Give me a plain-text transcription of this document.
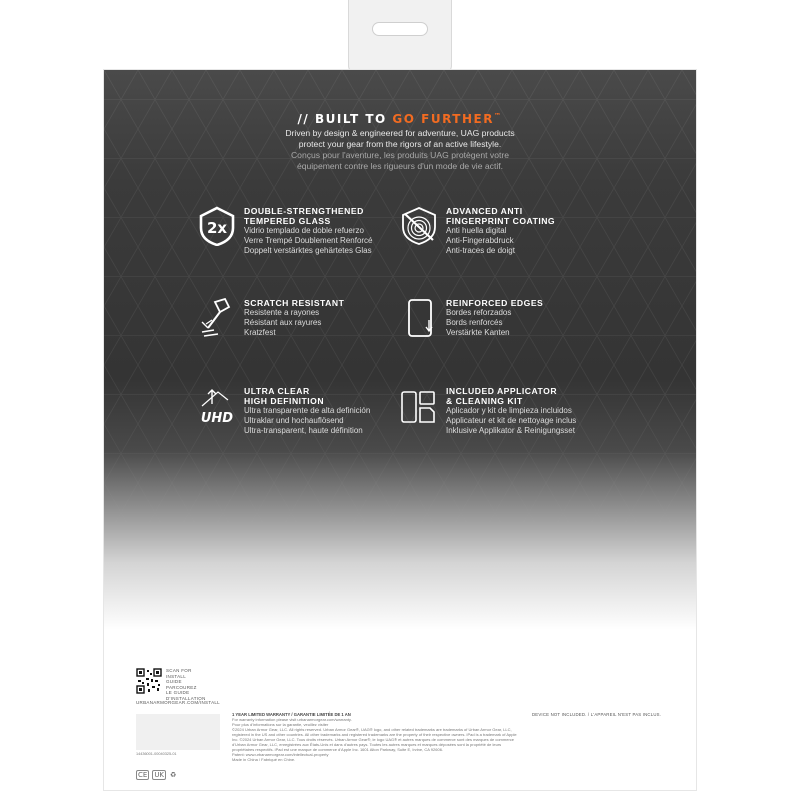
// BUILT TO GO FURTHER™
Driven by design & engineered for adventure, UAG products
protect your gear from the rigors of an active lifestyle.
Conçus pour l'aventure, les produits UAG protègent votre
équipement contre les rigueurs d'un mode de vie actif.
2x
DOUBLE-STRENGTHENED
TEMPERED GLASS
Vidrio templado de doble refuerzo
Verre Trempé Doublement Renforcé
Doppelt verstärktes gehärtetes Glas
ADVANCED ANTI
FINGERPRINT COATING
Anti huella digital
Anti-Fingerabdruck
Anti-traces de doigt
SCRATCH RESISTANT
Resistente a rayones
Résistant aux rayures
Kratzfest
REINFORCED EDGES
Bordes reforzados
Bords renforcés
Verstärkte Kanten
UHD
ULTRA CLEAR
HIGH DEFINITION
Ultra transparente de alta definición
Ultraklar und hochauflösend
Ultra-transparent, haute définition
INCLUDED APPLICATOR
& CLEANING KIT
Aplicador y kit de limpieza incluidos
Applicateur et kit de nettoyage inclus
Inklusive Applikator & Reinigungsset
SCAN FOR
INSTALL
GUIDE
PARCOUREZ
LE GUIDE
D'INSTALLATION
URBANARMORGEAR.COM/INSTALL
14436001-00040325-01
CE UK ♻
1 YEAR LIMITED WARRANTY / GARANTIE LIMITÉE DE 1 AN
For warranty information please visit urbanarmorgear.com/warranty.
Pour plus d'informations sur la garantie, veuillez visiter
©2024 Urban Armor Gear, LLC. All rights reserved. Urban Armor Gear®, UAG® logo, and other related trademarks are trademarks of Urban Armor Gear, LLC, registered in the US and other countries. All other trademarks and registered trademarks are the property of their respective owners. iPad is a trademark of Apple Inc. ©2024 Urban Armor Gear, LLC. Tous droits réservés. Urban Armor Gear®, le logo UAG® et autres marques de commerce sont des marques de commerce d'Urban Armor Gear, LLC, enregistrées aux États-Unis et dans d'autres pays. Toutes les autres marques et marques déposées sont la propriété de leurs propriétaires respectifs. iPad est une marque de commerce d'Apple Inc. 1601 Alton Parkway, Suite E, Irvine, CA 92606.
Patent: www.urbanarmorgear.com/intellectual-property
Made in China / Fabriqué en Chine.
DEVICE NOT INCLUDED. / L'APPAREIL N'EST PAS INCLUS.
